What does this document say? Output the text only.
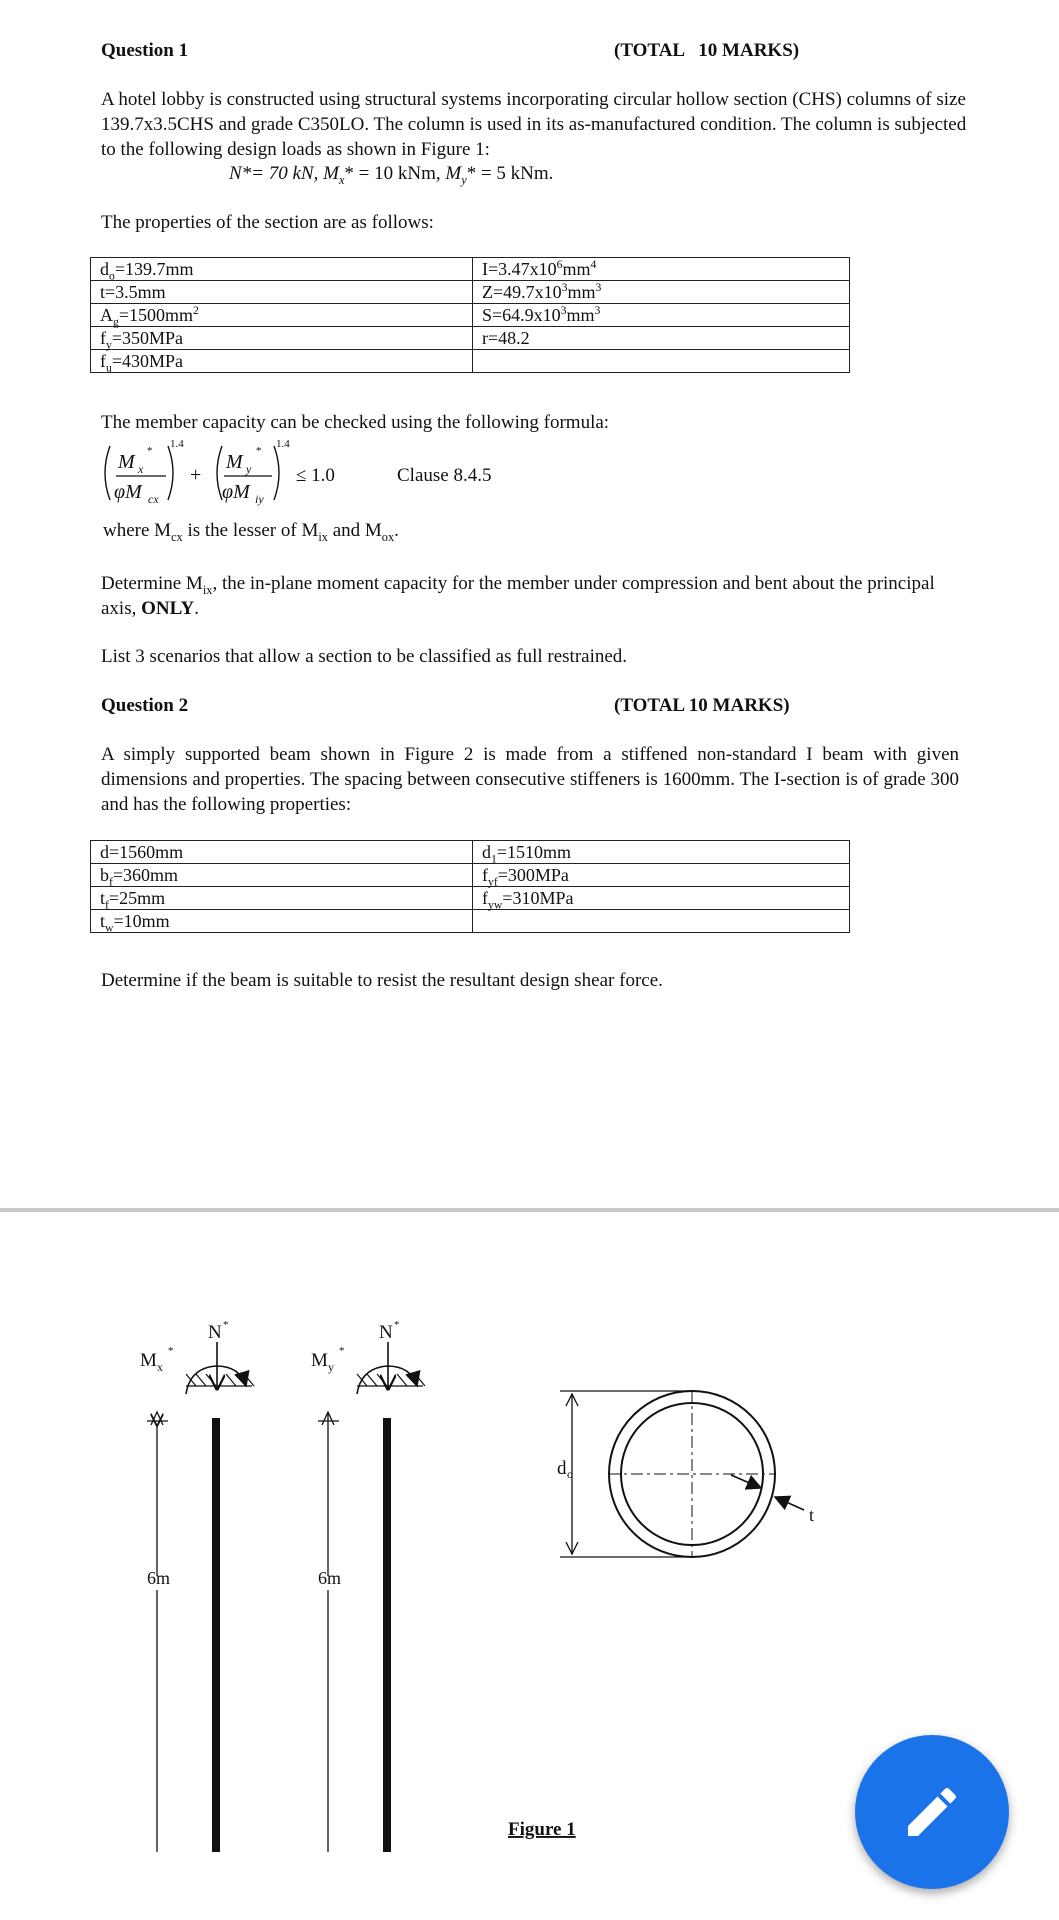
Question 1	(TOTAL   10 MARKS)
A hotel lobby is constructed using structural systems incorporating circular hollow section (CHS) columns of size 139.7x3.5CHS and grade C350LO. The column is used in its as-manufactured condition. The column is subjected to the following design loads as shown in Figure 1:
N*= 70 kN, $M_x* = 10$ kNm, $M_y* = 5$ kNm.
The properties of the section are as follows:
$d_o=139.7mm$	$I=3.47x10^6mm^4$
t=3.5mm	$Z=49.7x10^3mm^3$
$A_g=1500mm^2$	$S=64.9x10^3mm^3$
$f_y=350MPa$	r=48.2
$f_u=430MPa$	
The member capacity can be checked using the following formula:
M x
*
φM cx
1.4
+
M y
*
φM iy
1.4
≤ 1.0	Clause 8.4.5
where $M_{cx}$ is the lesser of $M_{ix}$ and $M_{ox}$.
Determine $M_{ix}$, the in-plane moment capacity for the member under compression and bent about the principal axis, ONLY.
List 3 scenarios that allow a section to be classified as full restrained.
Question 2	(TOTAL 10 MARKS)
A simply supported beam shown in Figure 2 is made from a stiffened non-standard I beam with given dimensions and properties. The spacing between consecutive stiffeners is 1600mm. The I-section is of grade 300 and has the following properties:
d=1560mm	$d_1=1510mm$
$b_f=360mm$	$f_{yf}=300MPa$
$t_f=25mm$	$f_{yw}=310MPa$
$t_w=10mm$	
Determine if the beam is suitable to resist the resultant design shear force.
N *
M x
*
6m
N *
M y
*
6m
d o
t
Figure 1
